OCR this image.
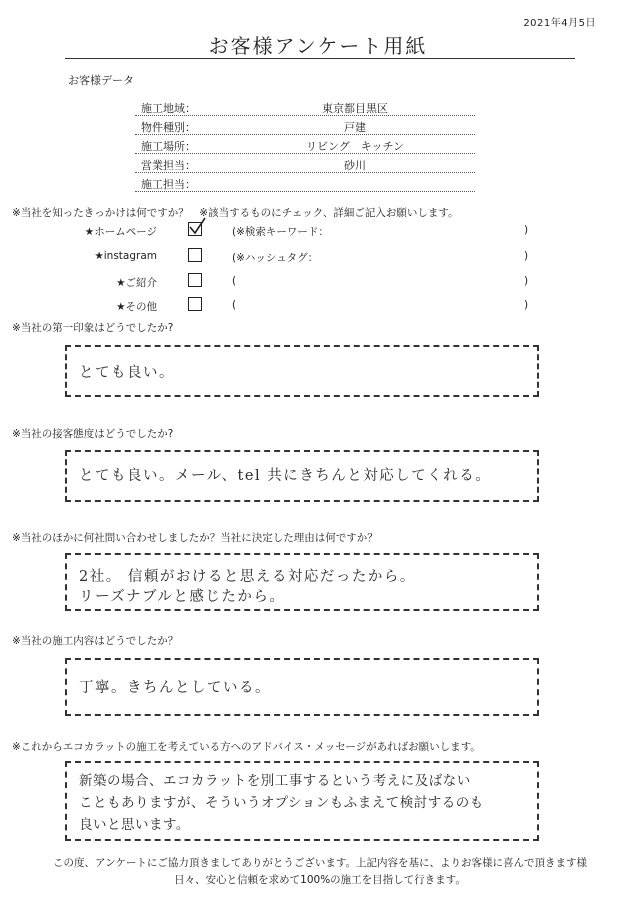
2021年4月5日
お客様アンケート用紙
お客様データ
施工地域：	東京都目黒区
物件種別：	戸建
施工場所：	リビング　キッチン
営業担当：	砂川
施工担当：
※当社を知ったきっかけは何ですか？　※該当するものにチェック、詳細ご記入お願いします。
★ホームページ	(※検索キーワード：	)
★instagram	(※ハッシュタグ：	)
★ご紹介	(	)
★その他	(	)
※当社の第一印象はどうでしたか?
とても良い。
※当社の接客態度はどうでしたか?
とても良い。メール、tel 共にきちんと対応してくれる。
※当社のほかに何社問い合わせしましたか？当社に決定した理由は何ですか？
2社。 信頼がおけると思える対応だったから。
リーズナブルと感じたから。
※当社の施工内容はどうでしたか？
丁寧。きちんとしている。
※これからエコカラットの施工を考えている方へのアドバイス・メッセージがあればお願いします。
新築の場合、エコカラットを別工事するという考えに及ばない
こともありますが、そういうオプションもふまえて検討するのも
良いと思います。
この度、アンケートにご協力頂きましてありがとうございます。上記内容を基に、よりお客様に喜んで頂きます様
日々、安心と信頼を求めて100%の施工を目指して行きます。
